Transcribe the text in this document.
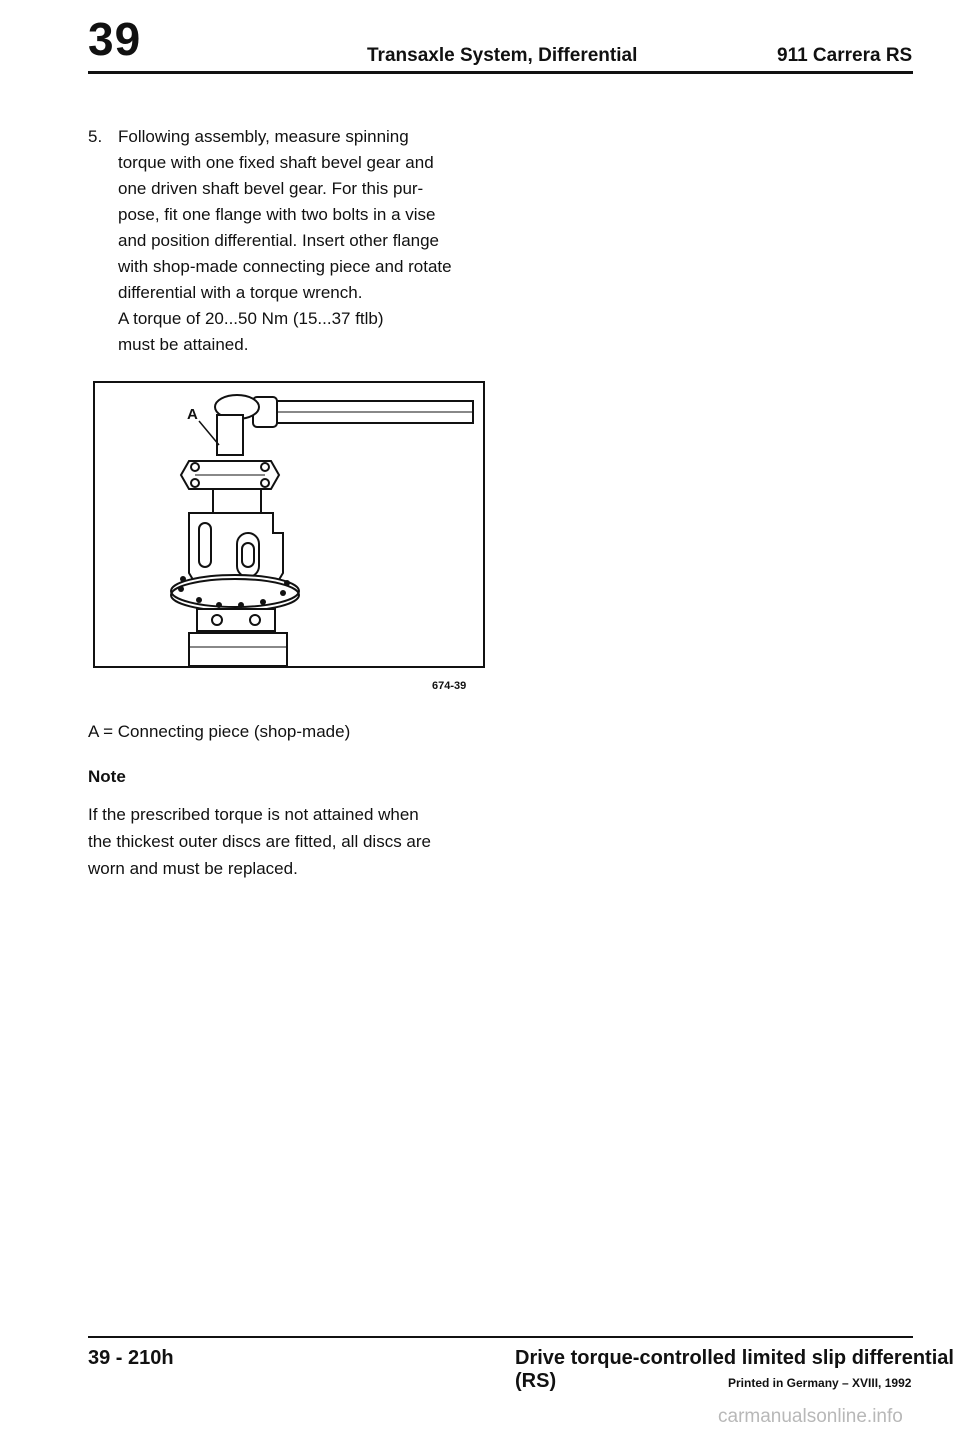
39	Transaxle System, Differential	911 Carrera RS
5. Following assembly, measure spinning
torque with one fixed shaft bevel gear and
one driven shaft bevel gear. For this pur-
pose, fit one flange with two bolts in a vise
and position differential. Insert other flange
with shop-made connecting piece and rotate
differential with a torque wrench.
A torque of 20...50 Nm (15...37 ftlb)
must be attained.
A
674-39
A = Connecting piece (shop-made)
Note
If the prescribed torque is not attained when
the thickest outer discs are fitted, all discs are
worn and must be replaced.
39 - 210h	Drive torque-controlled limited slip differential (RS)	Printed in Germany – XVIII, 1992
carmanualsonline.info
